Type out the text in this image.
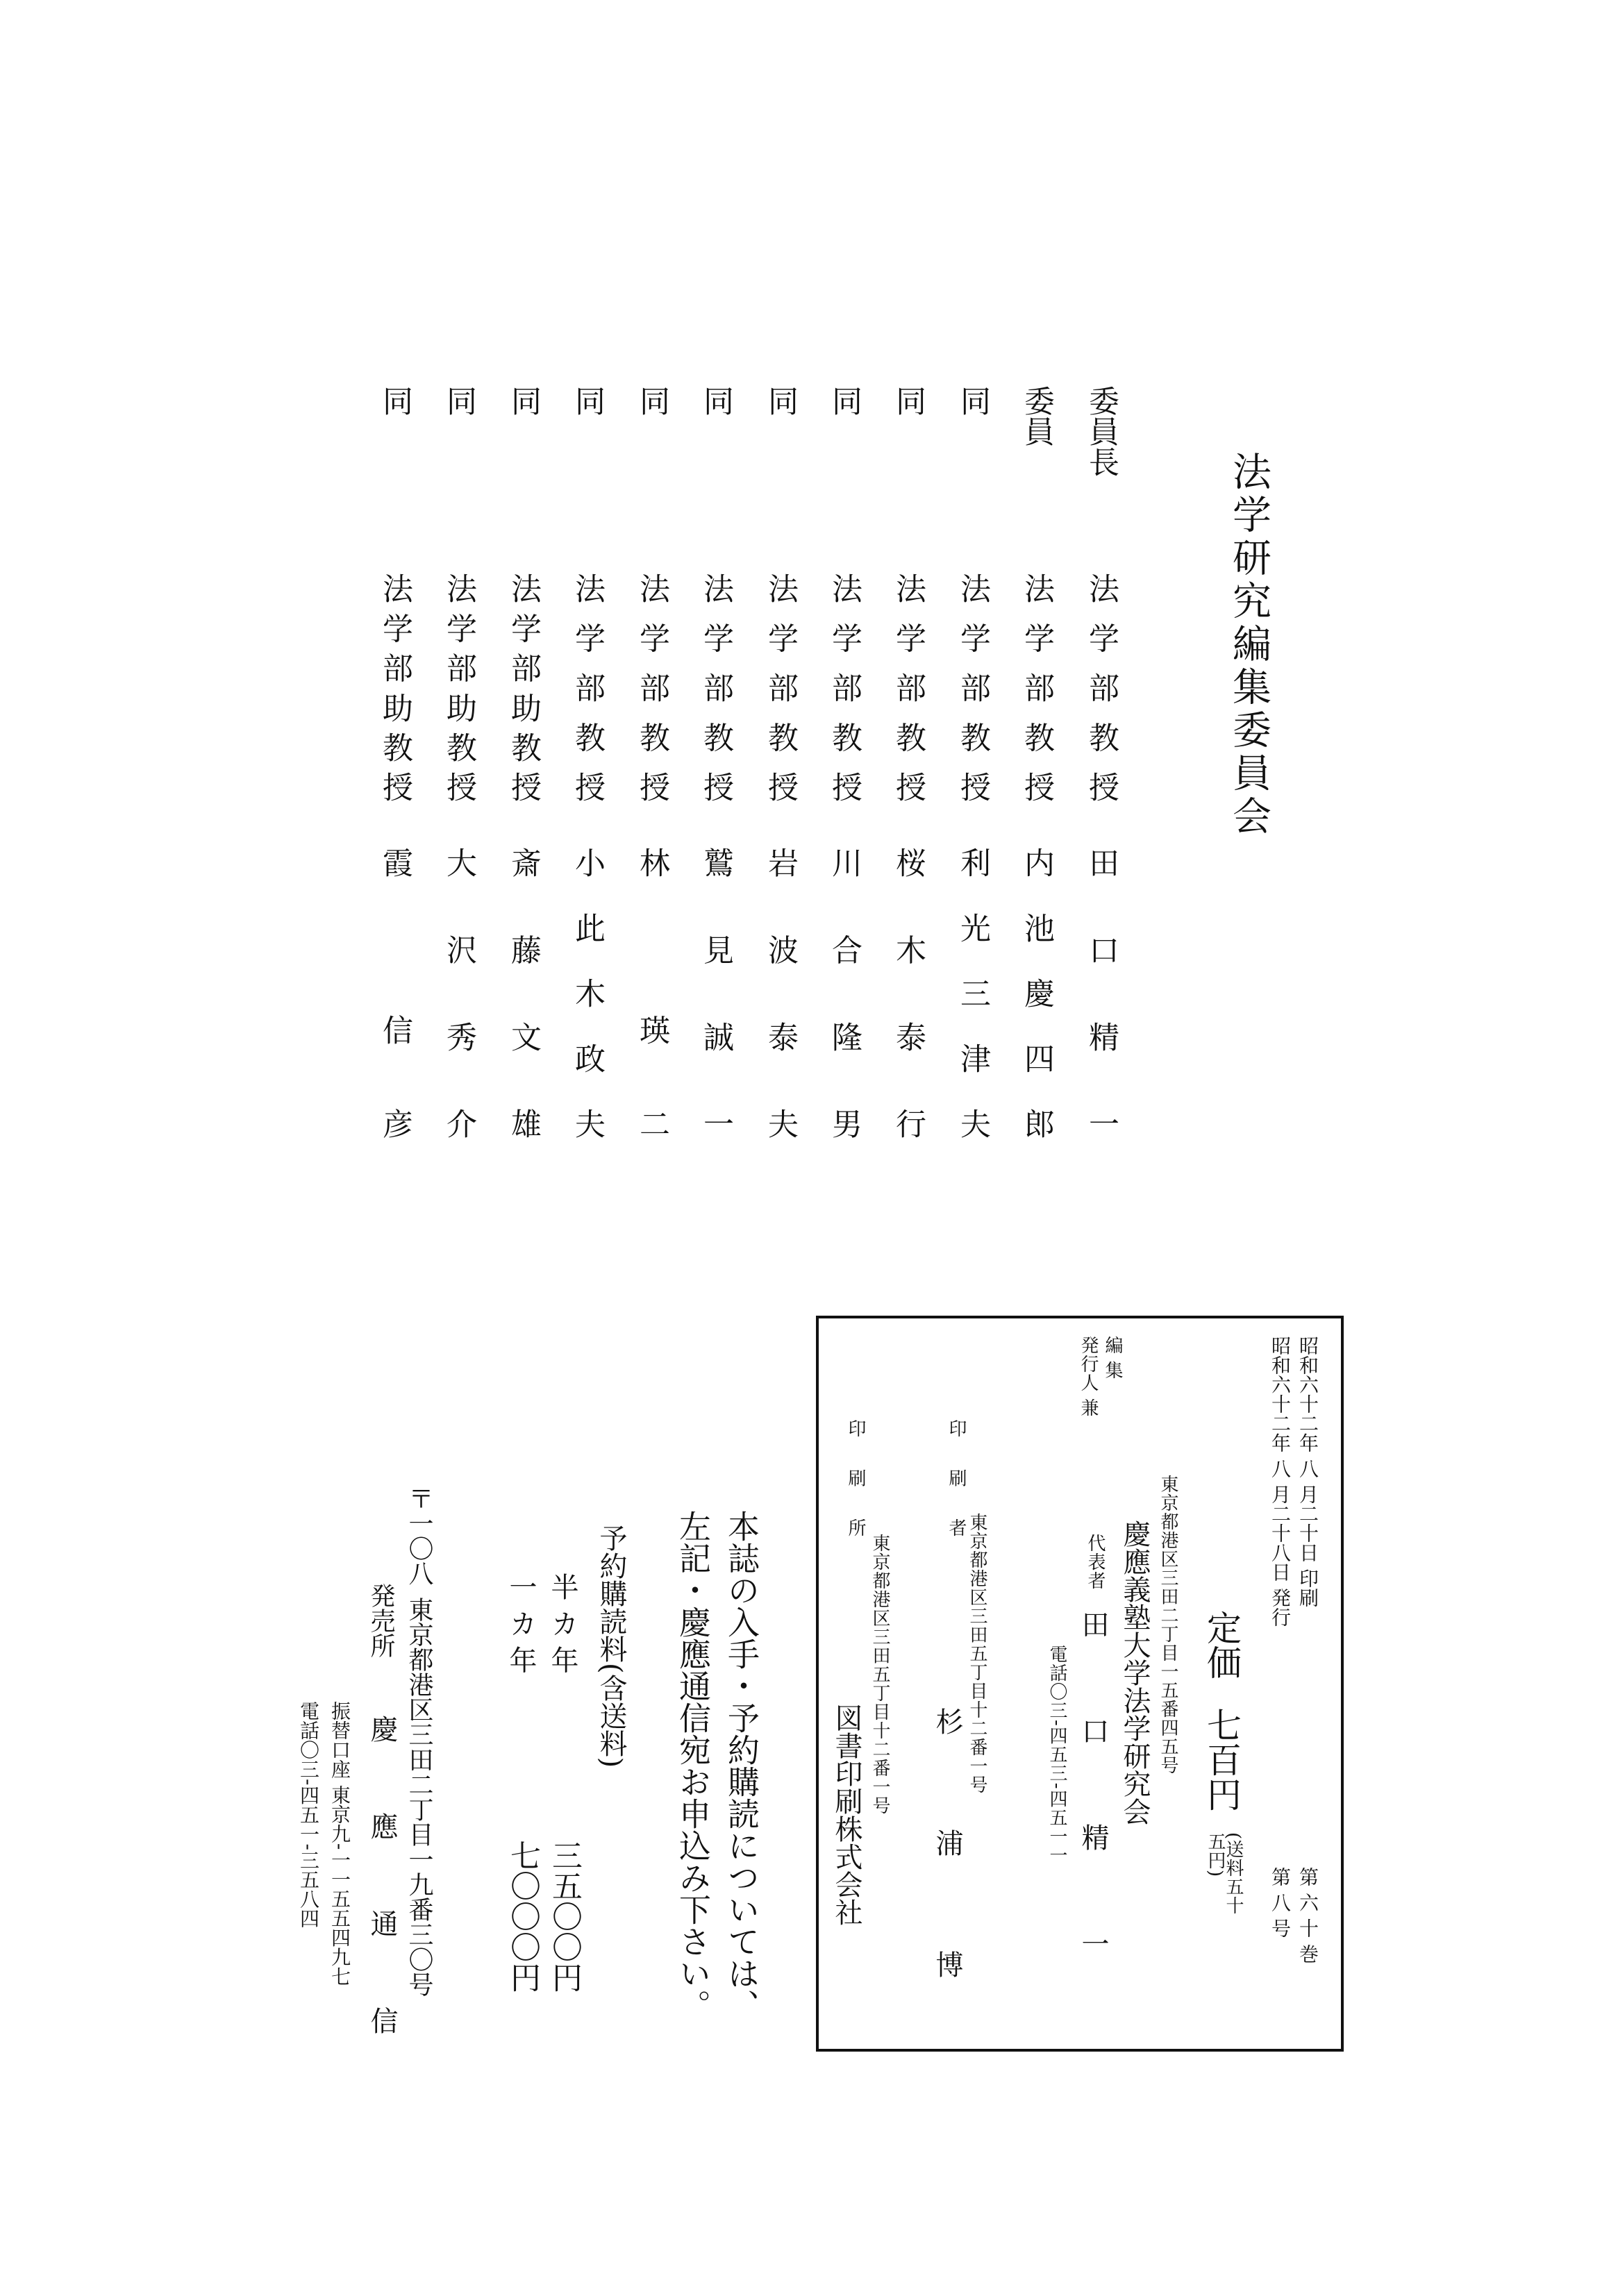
法学研究編集委員会
委員長
法学部教授
田口精一
委員
法学部教授
内池慶四郎
同
法学部教授
利光三津夫
同
法学部教授
桜木泰行
同
法学部教授
川合隆男
同
法学部教授
岩波泰夫
同
法学部教授
鷲見誠一
同
法学部教授
林 瑛二
同
法学部教授
小此木政夫
同
法学部助教授
斎藤文雄
同
法学部助教授
大沢秀介
同
法学部助教授
霞 信彦
昭和六十二年 八 月二十日 印刷
昭和六十二年 八 月二十八日 発行
第 六 十 巻
第 八 号
定価
七百円
(送料五十五円)
編 集
発行人 兼
東京都港区三田二丁目一五番四五号
慶應義塾大学法学研究会
代表者
田口精一
電話〇三-四五三-四五一一
印 刷 者
東京都港区三田五丁目十二番一号
杉 浦 博
印 刷 所
東京都港区三田五丁目十二番一号
図書印刷株式会社
本誌の入手・予約購読については、
左記・慶應通信宛お申込み下さい。
予約購読料(含送料)
半 カ 年
三五〇〇円
一 カ 年
七〇〇〇円
〒一〇八
東京都港区三田二丁目一九番三〇号
発売所
慶 應 通 信
振替口座 東京九-一一五五四九七
電話〇三-四五一-三五八四
